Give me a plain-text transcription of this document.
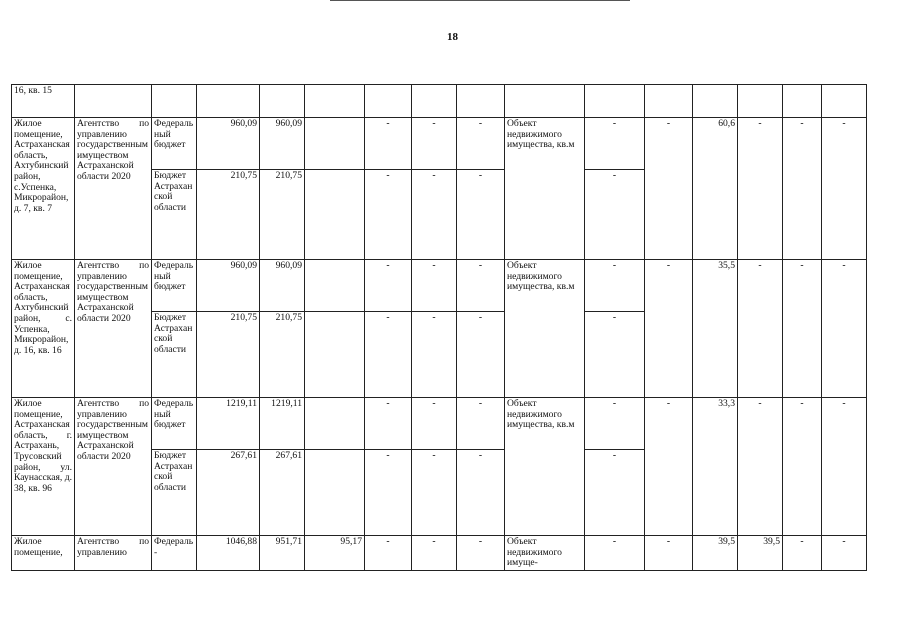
18
16, кв. 15																
Жилое помещение, Астраханская область, Ахтубинский район, с.Успенка, Микрорайон, д. 7, кв. 7	Агентство по управлению государственным имуществом Астраханской области 2020	Федеральный бюджет	960,09	960,09		-	-	-	Объект недвижимого имущества, кв.м	-	-	60,6	-	-	-	
		Бюджет Астраханской области	210,75	210,75		-	-	-		-						
Жилое помещение, Астраханская область, Ахтубинский район, с. Успенка, Микрорайон, д. 16, кв. 16	Агентство по управлению государственным имуществом Астраханской области 2020	Федеральный бюджет	960,09	960,09		-	-	-	Объект недвижимого имущества, кв.м	-	-	35,5	-	-	-	
		Бюджет Астраханской области	210,75	210,75		-	-	-		-						
Жилое помещение, Астраханская область, г. Астрахань, Трусовский район, ул. Каунасская, д. 38, кв. 96	Агентство по управлению государственным имуществом Астраханской области 2020	Федеральный бюджет	1219,11	1219,11		-	-	-	Объект недвижимого имущества, кв.м	-	-	33,3	-	-	-	
		Бюджет Астраханской области	267,61	267,61		-	-	-		-						
Жилое помещение,	Агентство по управлению	Федераль-	1046,88	951,71	95,17	-	-	-	Объект недвижимого имуще-	-	-	39,5	39,5	-	-	
